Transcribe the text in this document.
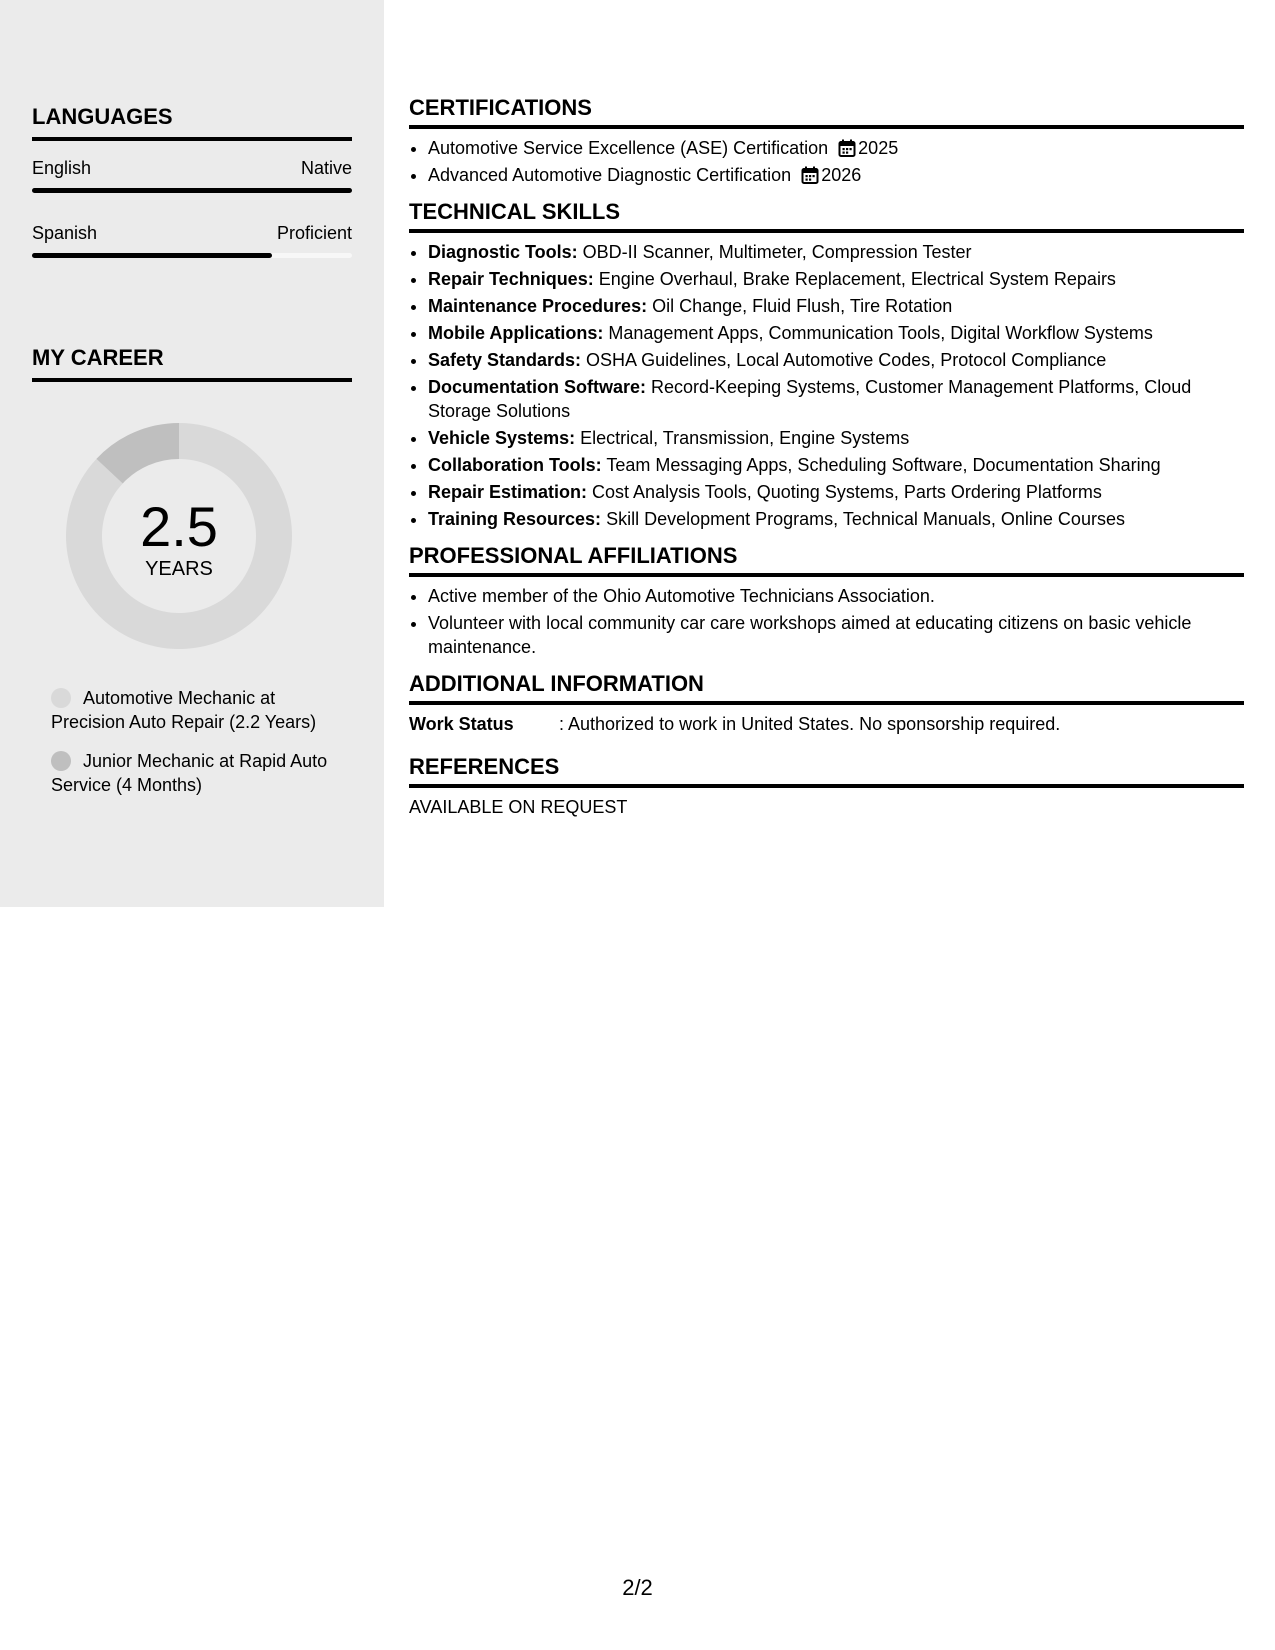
LANGUAGES
English	Native
Spanish	Proficient
MY CAREER
2.5
YEARS
Automotive Mechanic at Precision Auto Repair (2.2 Years)
Junior Mechanic at Rapid Auto Service (4 Months)
CERTIFICATIONS
• Automotive Service Excellence (ASE) Certification 2025
• Advanced Automotive Diagnostic Certification 2026
TECHNICAL SKILLS
• Diagnostic Tools: OBD-II Scanner, Multimeter, Compression Tester
• Repair Techniques: Engine Overhaul, Brake Replacement, Electrical System Repairs
• Maintenance Procedures: Oil Change, Fluid Flush, Tire Rotation
• Mobile Applications: Management Apps, Communication Tools, Digital Workflow Systems
• Safety Standards: OSHA Guidelines, Local Automotive Codes, Protocol Compliance
• Documentation Software: Record-Keeping Systems, Customer Management Platforms, Cloud Storage Solutions
• Vehicle Systems: Electrical, Transmission, Engine Systems
• Collaboration Tools: Team Messaging Apps, Scheduling Software, Documentation Sharing
• Repair Estimation: Cost Analysis Tools, Quoting Systems, Parts Ordering Platforms
• Training Resources: Skill Development Programs, Technical Manuals, Online Courses
PROFESSIONAL AFFILIATIONS
• Active member of the Ohio Automotive Technicians Association.
• Volunteer with local community car care workshops aimed at educating citizens on basic vehicle maintenance.
ADDITIONAL INFORMATION
Work Status	: Authorized to work in United States. No sponsorship required.
REFERENCES
AVAILABLE ON REQUEST
2/2
